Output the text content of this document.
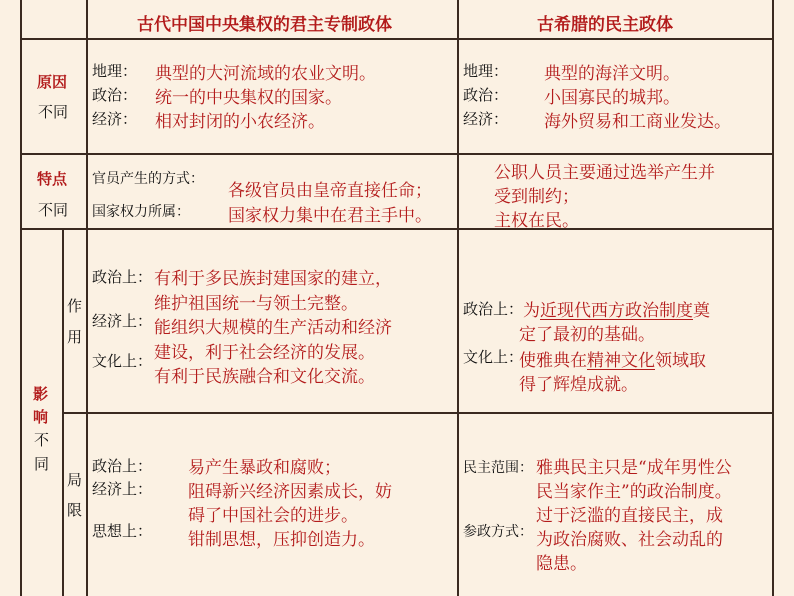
古代中国中央集权的君主专制政体	古希腊的民主政体
原因
不同
地理： 典型的大河流域的农业文明。
政治： 统一的中央集权的国家。
经济： 相对封闭的小农经济。
地理： 典型的海洋文明。
政治： 小国寡民的城邦。
经济： 海外贸易和工商业发达。
特点
不同
官员产生的方式：
各级官员由皇帝直接任命；
国家权力所属： 国家权力集中在君主手中。
公职人员主要通过选举产生并
受到制约；
主权在民。
影
响
不
同
作
用
政治上：
经济上：
文化上：
有利于多民族封建国家的建立，
维护祖国统一与领土完整。
能组织大规模的生产活动和经济
建设，利于社会经济的发展。
有利于民族融合和文化交流。
政治上： 为近现代西方政治制度奠
定了最初的基础。
文化上：
使雅典在精神文化领域取
得了辉煌成就。
局
限
政治上：
经济上：
思想上：
易产生暴政和腐败；
阻碍新兴经济因素成长，妨
碍了中国社会的进步。
钳制思想，压抑创造力。
民主范围：
参政方式：
雅典民主只是“成年男性公
民当家作主”的政治制度。
过于泛滥的直接民主，成
为政治腐败、社会动乱的
隐患。
